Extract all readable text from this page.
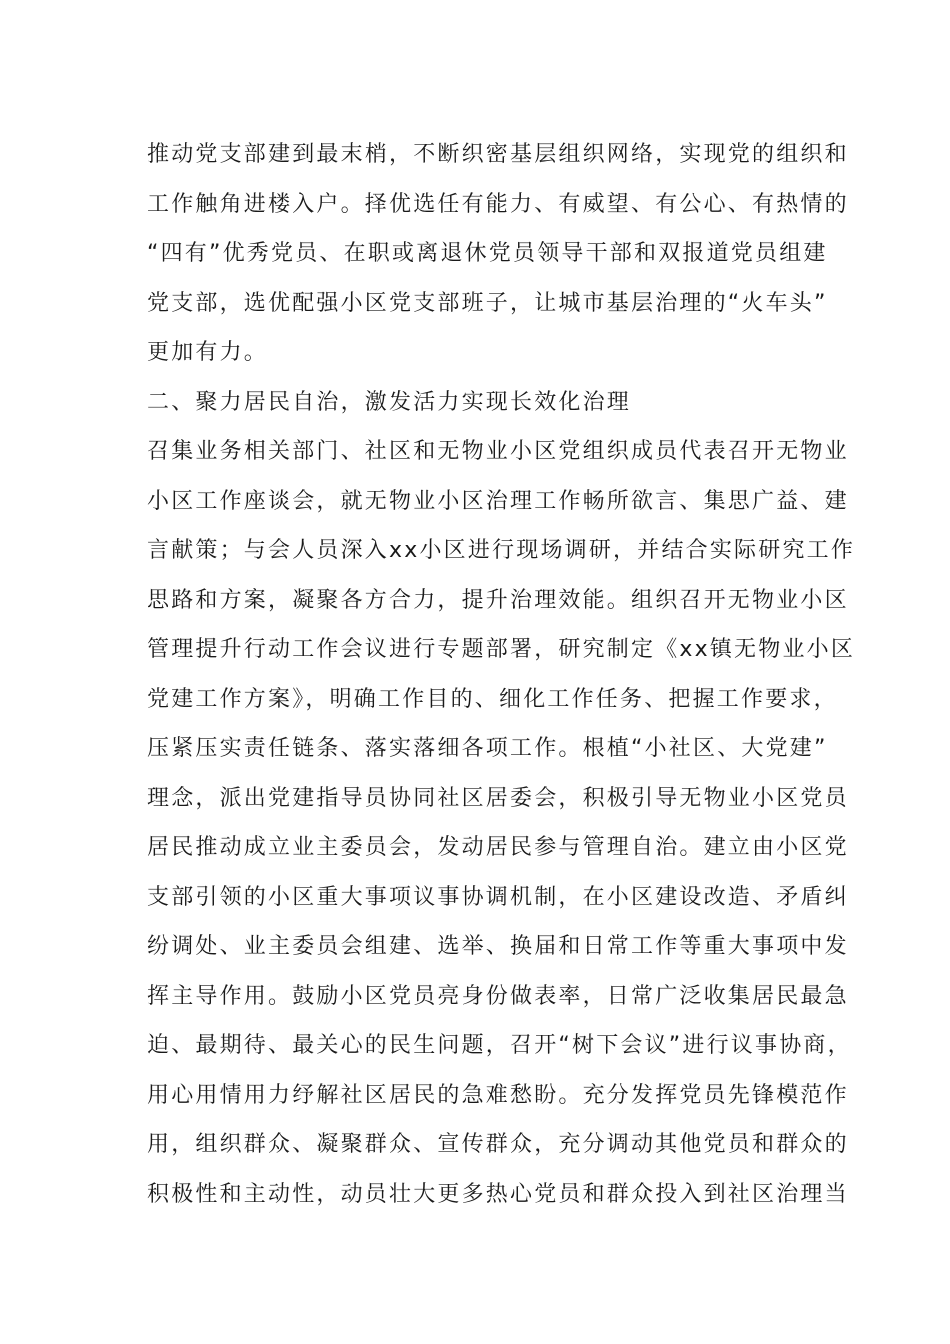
推动党支部建到最末梢，不断织密基层组织网络，实现党的组织和
工作触角进楼入户。择优选任有能力、有威望、有公心、有热情的
“四有”优秀党员、在职或离退休党员领导干部和双报道党员组建
党支部，选优配强小区党支部班子，让城市基层治理的“火车头”
更加有力。
二、聚力居民自治，激发活力实现长效化治理
召集业务相关部门、社区和无物业小区党组织成员代表召开无物业
小区工作座谈会，就无物业小区治理工作畅所欲言、集思广益、建
言献策；与会人员深入xx小区进行现场调研，并结合实际研究工作
思路和方案，凝聚各方合力，提升治理效能。组织召开无物业小区
管理提升行动工作会议进行专题部署，研究制定《xx镇无物业小区
党建工作方案》，明确工作目的、细化工作任务、把握工作要求，
压紧压实责任链条、落实落细各项工作。根植“小社区、大党建”
理念，派出党建指导员协同社区居委会，积极引导无物业小区党员
居民推动成立业主委员会，发动居民参与管理自治。建立由小区党
支部引领的小区重大事项议事协调机制，在小区建设改造、矛盾纠
纷调处、业主委员会组建、选举、换届和日常工作等重大事项中发
挥主导作用。鼓励小区党员亮身份做表率，日常广泛收集居民最急
迫、最期待、最关心的民生问题，召开“树下会议”进行议事协商，
用心用情用力纾解社区居民的急难愁盼。充分发挥党员先锋模范作
用，组织群众、凝聚群众、宣传群众，充分调动其他党员和群众的
积极性和主动性，动员壮大更多热心党员和群众投入到社区治理当
